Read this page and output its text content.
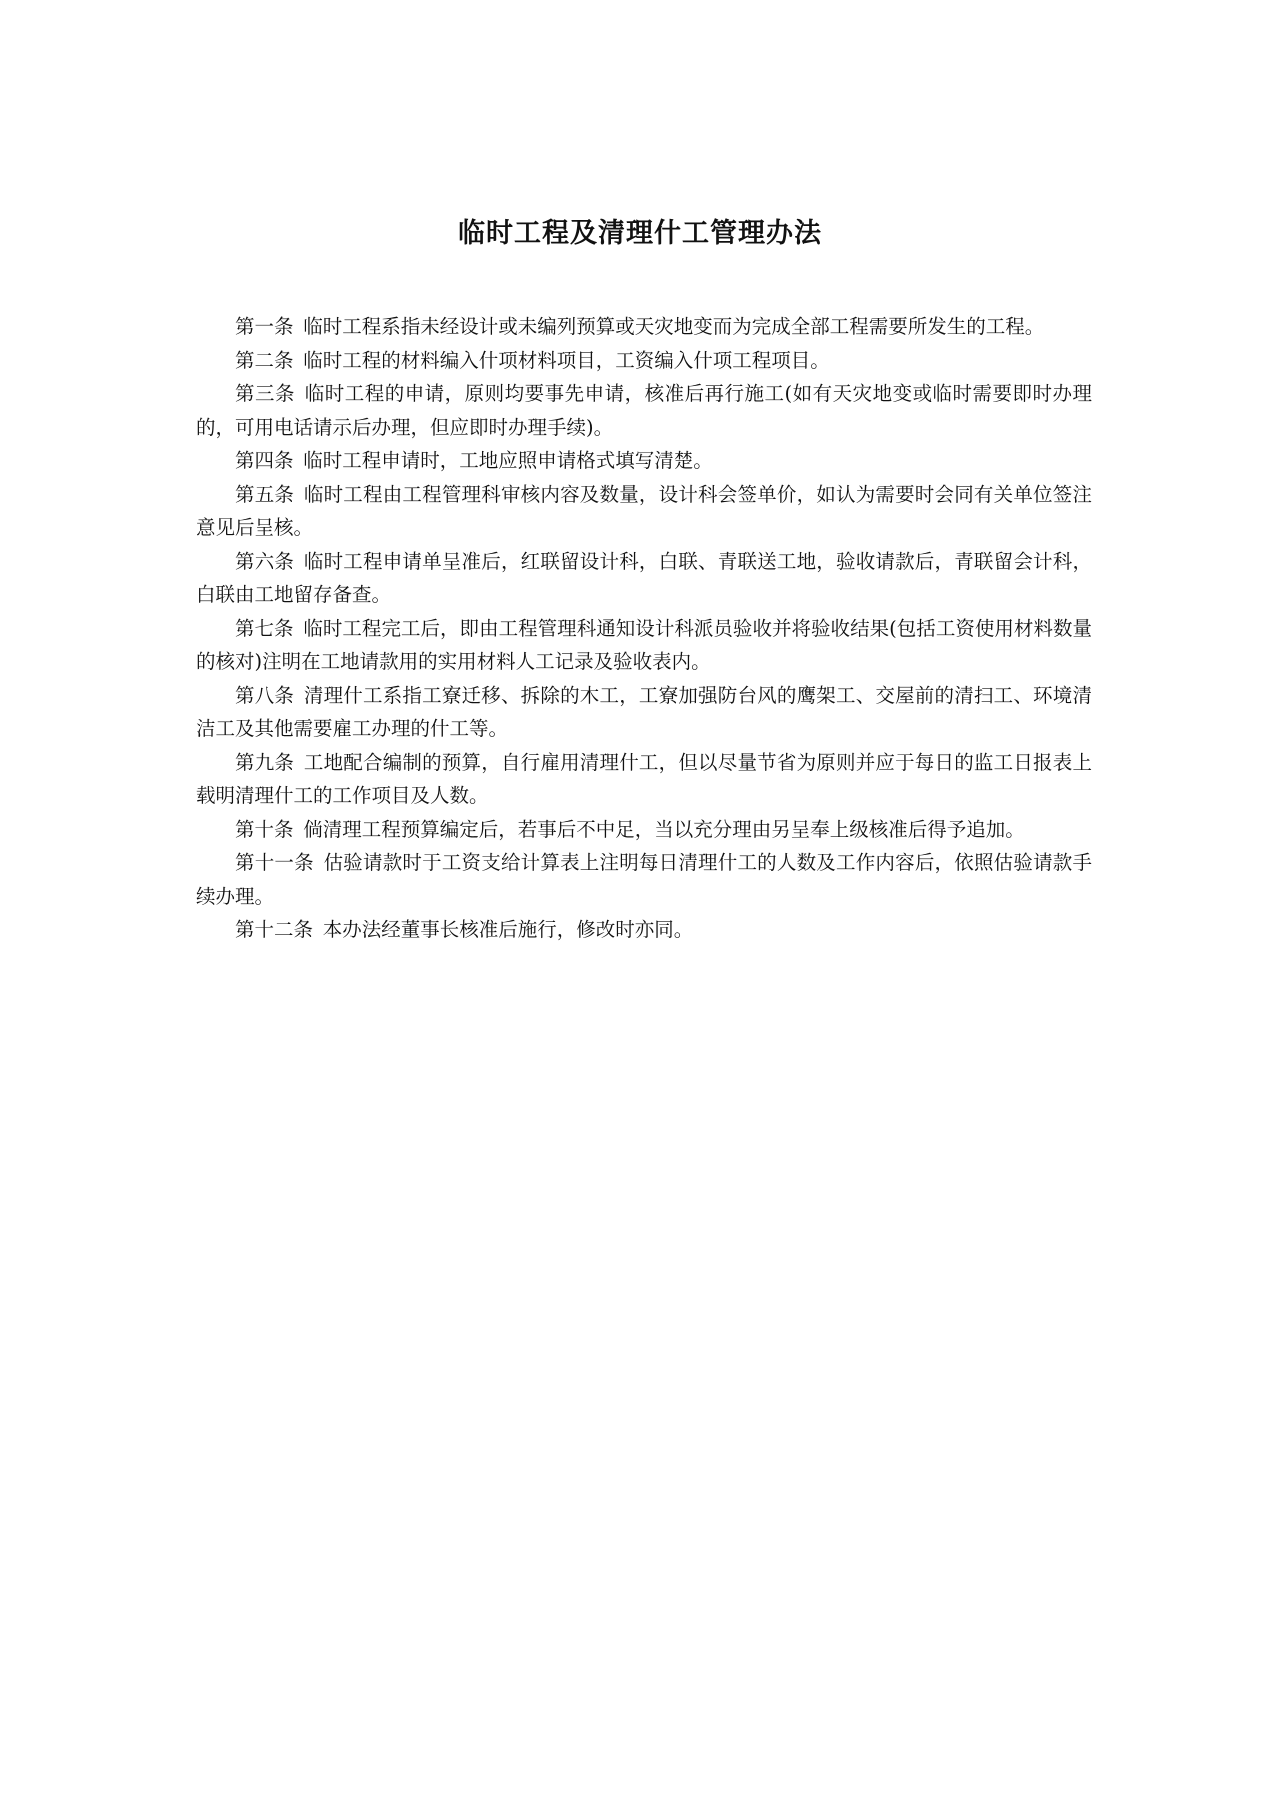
临时工程及清理什工管理办法

第一条 临时工程系指未经设计或未编列预算或天灾地变而为完成全部工程需要所发生的工程。

第二条 临时工程的材料编入什项材料项目，工资编入什项工程项目。

第三条 临时工程的申请，原则均要事先申请，核准后再行施工(如有天灾地变或临时需要即时办理的，可用电话请示后办理，但应即时办理手续)。

第四条 临时工程申请时，工地应照申请格式填写清楚。

第五条 临时工程由工程管理科审核内容及数量，设计科会签单价，如认为需要时会同有关单位签注意见后呈核。

第六条 临时工程申请单呈准后，红联留设计科，白联、青联送工地，验收请款后，青联留会计科，白联由工地留存备查。

第七条 临时工程完工后，即由工程管理科通知设计科派员验收并将验收结果(包括工资使用材料数量的核对)注明在工地请款用的实用材料人工记录及验收表内。

第八条 清理什工系指工寮迁移、拆除的木工，工寮加强防台风的鹰架工、交屋前的清扫工、环境清洁工及其他需要雇工办理的什工等。

第九条 工地配合编制的预算，自行雇用清理什工，但以尽量节省为原则并应于每日的监工日报表上载明清理什工的工作项目及人数。

第十条 倘清理工程预算编定后，若事后不中足，当以充分理由另呈奉上级核准后得予追加。

第十一条 估验请款时于工资支给计算表上注明每日清理什工的人数及工作内容后，依照估验请款手续办理。

第十二条 本办法经董事长核准后施行，修改时亦同。
